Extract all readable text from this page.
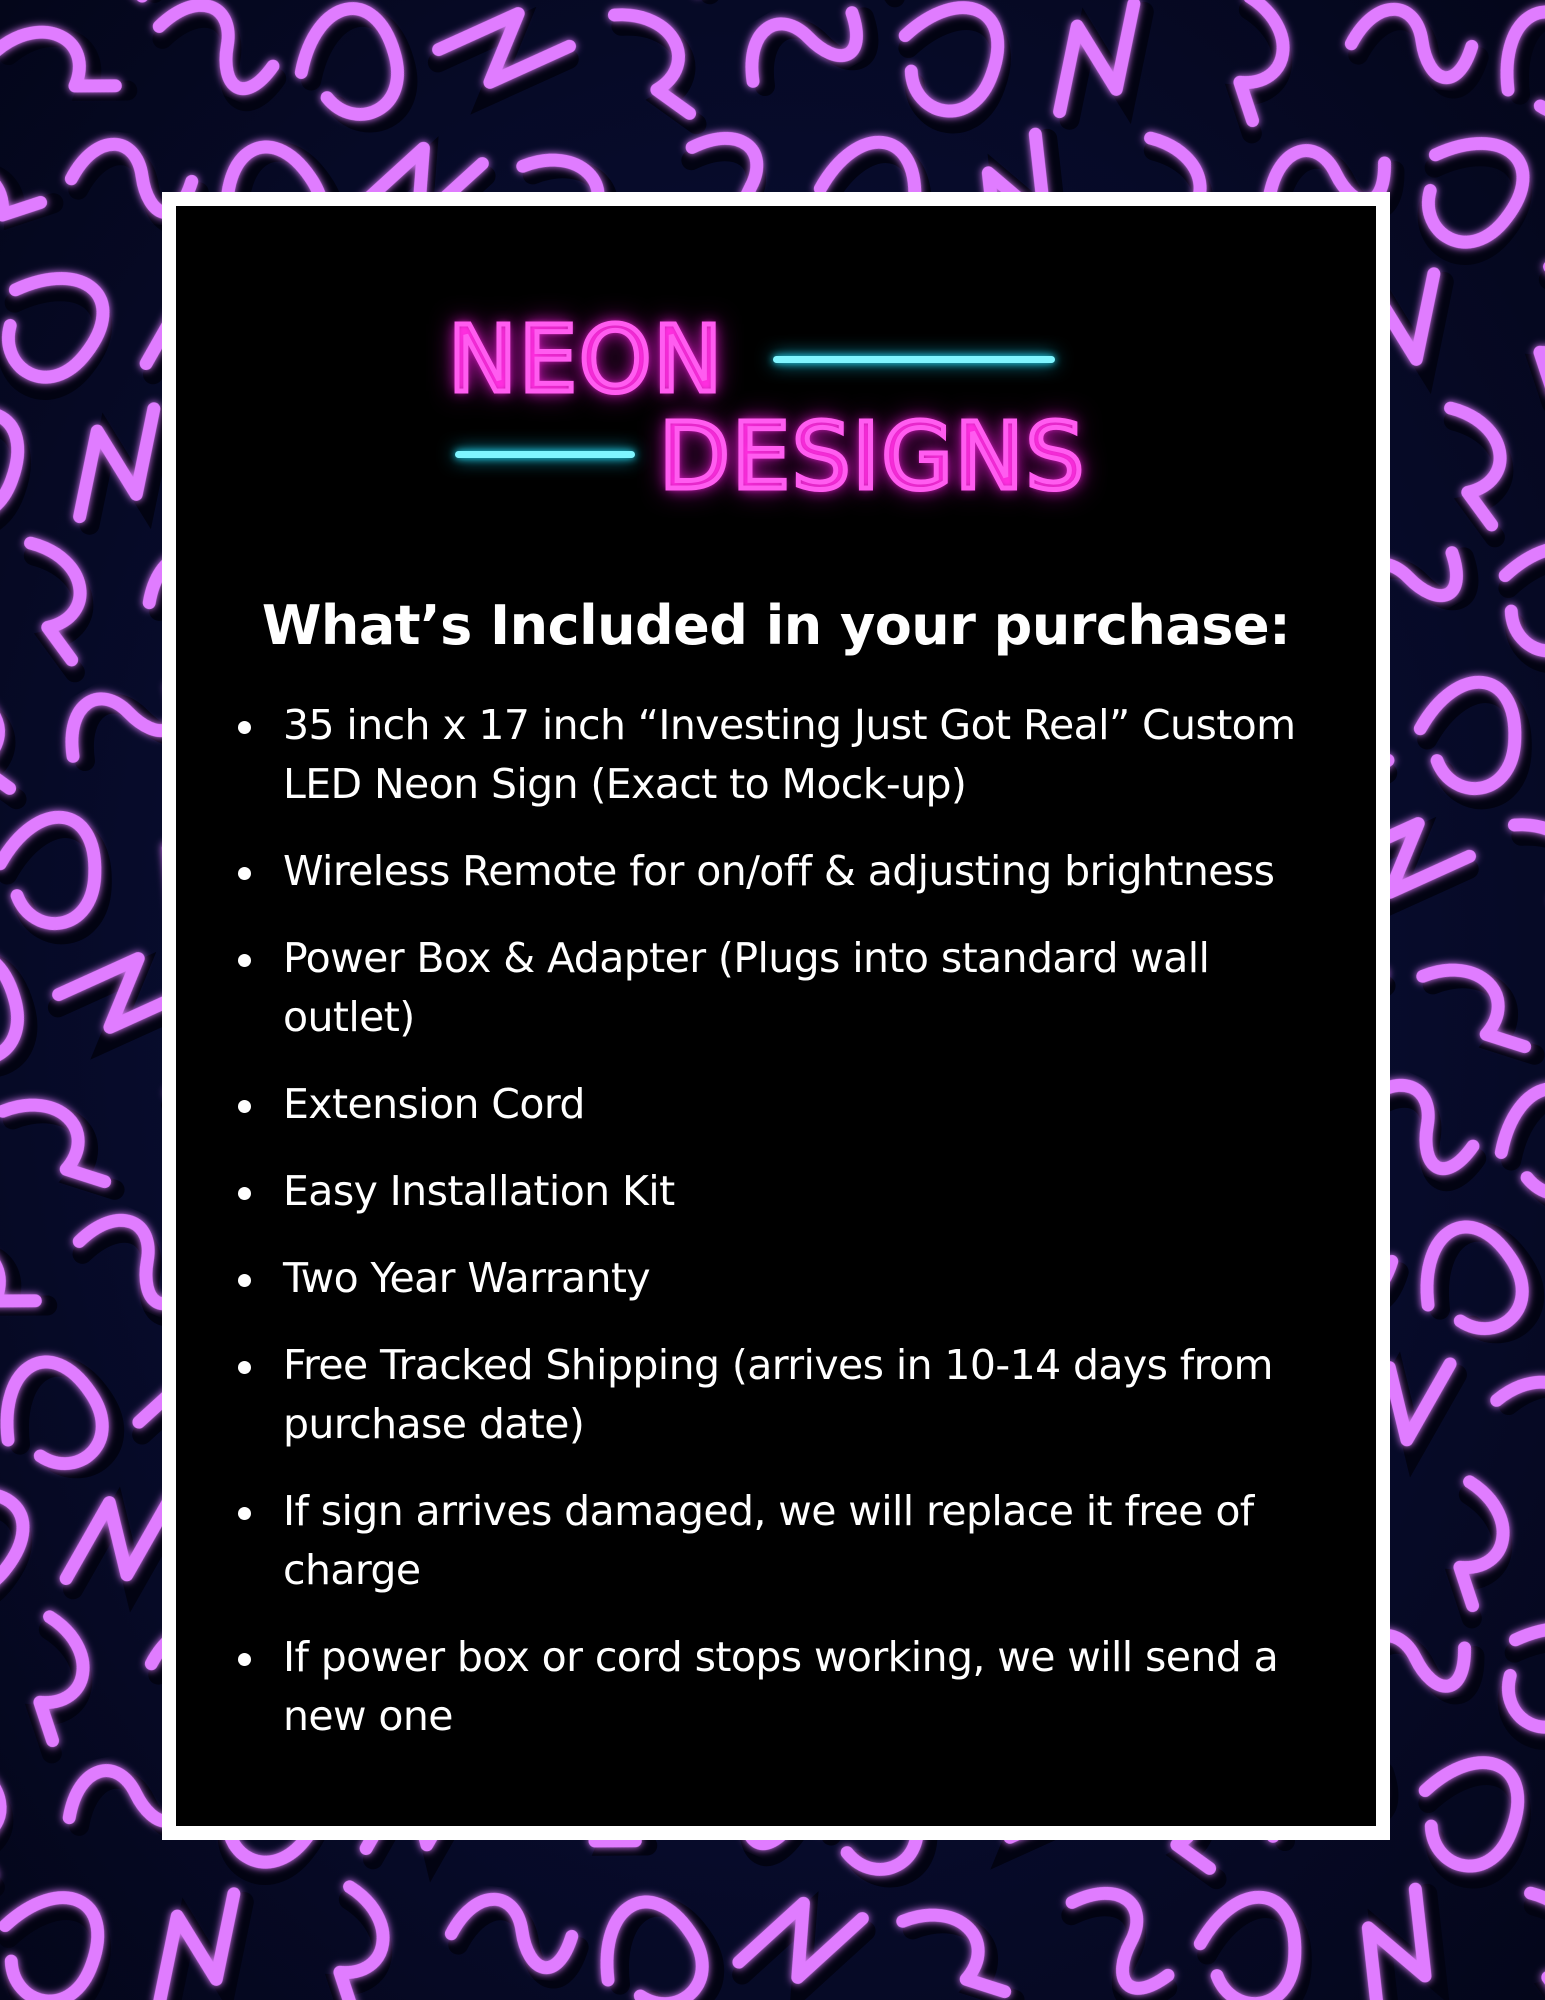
NEON
DESIGNS
What’s Included in your purchase:
35 inch x 17 inch “Investing Just Got Real” Custom LED Neon Sign (Exact to Mock-up)
Wireless Remote for on/off & adjusting brightness
Power Box & Adapter (Plugs into standard wall outlet)
Extension Cord
Easy Installation Kit
Two Year Warranty
Free Tracked Shipping (arrives in 10-14 days from purchase date)
If sign arrives damaged, we will replace it free of charge
If power box or cord stops working, we will send a new one
